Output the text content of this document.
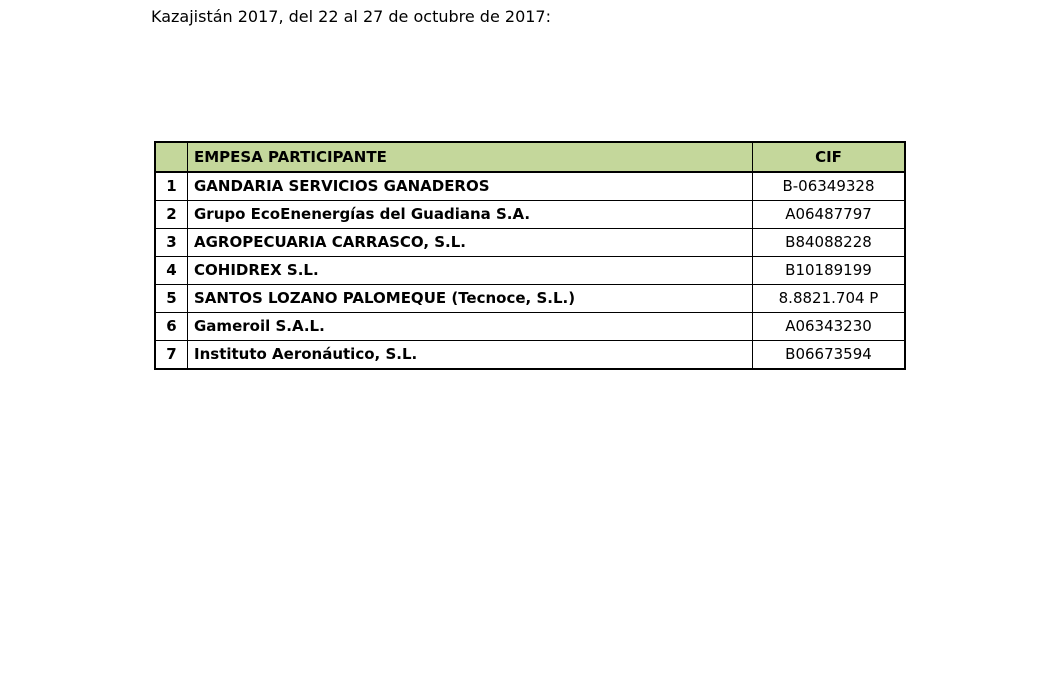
Kazajistán 2017, del 22 al 27 de octubre de 2017:
	EMPESA PARTICIPANTE	CIF
1	GANDARIA SERVICIOS GANADEROS	B-06349328
2	Grupo EcoEnenergías del Guadiana S.A.	A06487797
3	AGROPECUARIA CARRASCO, S.L.	B84088228
4	COHIDREX S.L.	B10189199
5	SANTOS LOZANO PALOMEQUE (Tecnoce, S.L.)	8.8821.704 P
6	Gameroil S.A.L.	A06343230
7	Instituto Aeronáutico, S.L.	B06673594
